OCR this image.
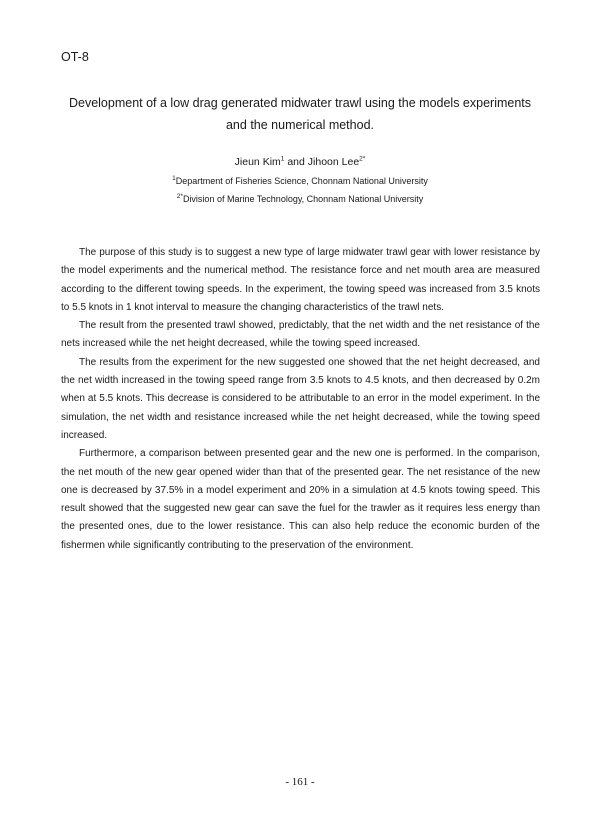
OT-8
Development of a low drag generated midwater trawl using the models experiments
and the numerical method.
Jieun Kim$^1$ and Jihoon Lee$^{2*}$
$^1$Department of Fisheries Science, Chonnam National University
$^{2*}$Division of Marine Technology, Chonnam National University

The purpose of this study is to suggest a new type of large midwater trawl gear with lower resistance by the model experiments and the numerical method. The resistance force and net mouth area are measured according to the different towing speeds. In the experiment, the towing speed was increased from 3.5 knots to 5.5 knots in 1 knot interval to measure the changing characteristics of the trawl nets.

The result from the presented trawl showed, predictably, that the net width and the net resistance of the nets increased while the net height decreased, while the towing speed increased.

The results from the experiment for the new suggested one showed that the net height decreased, and the net width increased in the towing speed range from 3.5 knots to 4.5 knots, and then decreased by 0.2m when at 5.5 knots. This decrease is considered to be attributable to an error in the model experiment. In the simulation, the net width and resistance increased while the net height decreased, while the towing speed increased.

Furthermore, a comparison between presented gear and the new one is performed. In the comparison, the net mouth of the new gear opened wider than that of the presented gear. The net resistance of the new one is decreased by 37.5% in a model experiment and 20% in a simulation at 4.5 knots towing speed. This result showed that the suggested new gear can save the fuel for the trawler as it requires less energy than the presented ones, due to the lower resistance. This can also help reduce the economic burden of the fishermen while significantly contributing to the preservation of the environment.

- 161 -
